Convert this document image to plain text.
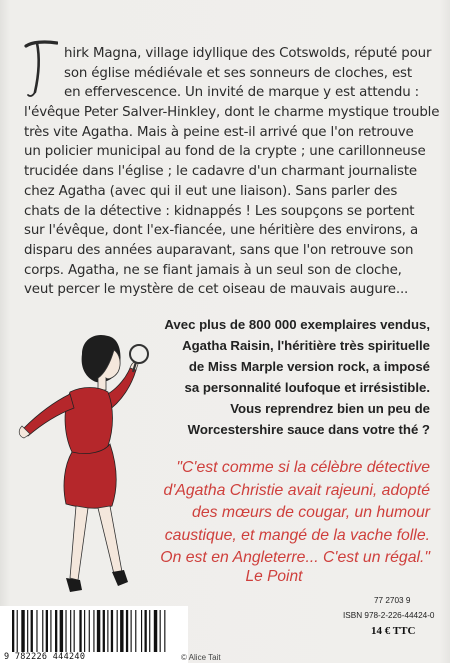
hirk Magna, village idyllique des Cotswolds, réputé pour
son église médiévale et ses sonneurs de cloches, est
en effervescence. Un invité de marque y est attendu :
l'évêque Peter Salver-Hinkley, dont le charme mystique trouble
très vite Agatha. Mais à peine est-il arrivé que l'on retrouve
un policier municipal au fond de la crypte ; une carillonneuse
trucidée dans l'église ; le cadavre d'un charmant journaliste
chez Agatha (avec qui il eut une liaison). Sans parler des
chats de la détective : kidnappés ! Les soupçons se portent
sur l'évêque, dont l'ex-fiancée, une héritière des environs, a
disparu des années auparavant, sans que l'on retrouve son
corps. Agatha, ne se fiant jamais à un seul son de cloche,
veut percer le mystère de cet oiseau de mauvais augure...
Avec plus de 800 000 exemplaires vendus,
Agatha Raisin, l'héritière très spirituelle
de Miss Marple version rock, a imposé
sa personnalité loufoque et irrésistible.
Vous reprendrez bien un peu de
Worcestershire sauce dans votre thé ?
"C'est comme si la célèbre détective
d'Agatha Christie avait rajeuni, adopté
des mœurs de cougar, un humour
caustique, et mangé de la vache folle.
On est en Angleterre... C'est un régal."
Le Point
9 782226 444240	© Alice Tait
77 2703 9
ISBN 978-2-226-44424-0
14 € TTC
